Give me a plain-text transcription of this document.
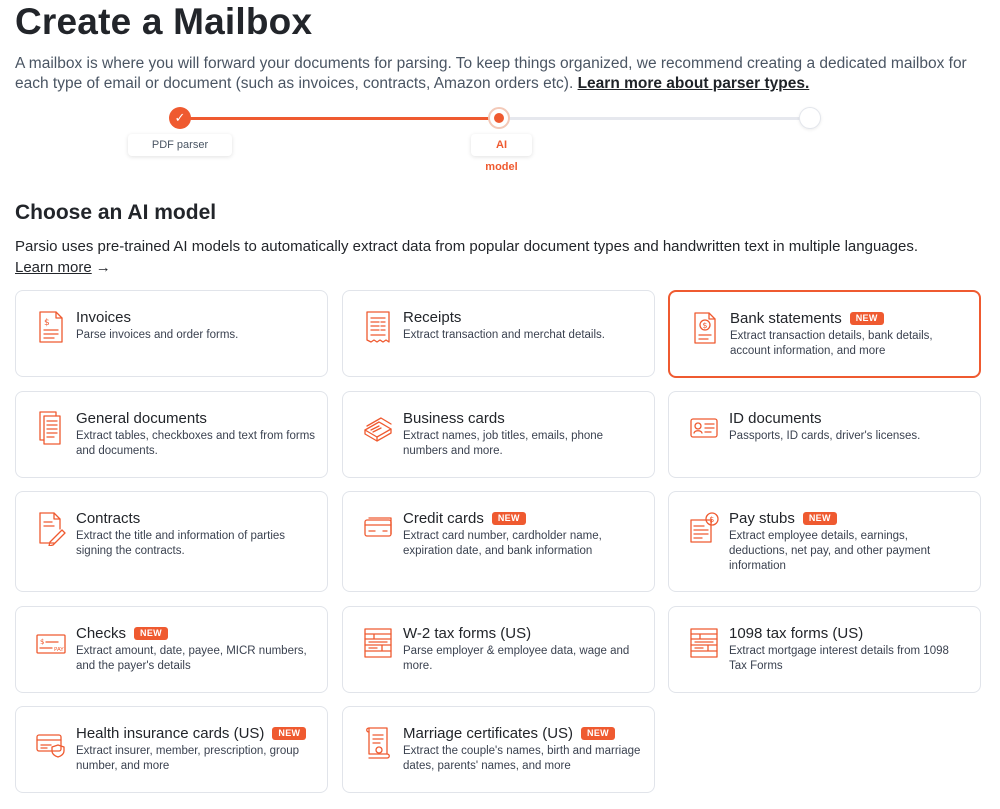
Create a Mailbox

A mailbox is where you will forward your documents for parsing. To keep things organized, we recommend creating a dedicated mailbox for each type of email or document (such as invoices, contracts, Amazon orders etc). Learn more about parser types.

✓
PDF parser	AI model
Choose an AI model

Parsio uses pre-trained AI models to automatically extract data from popular document types and handwritten text in multiple languages.
Learn more →

$ Invoices
Parse invoices and order forms.
Receipts
Extract transaction and merchat details.
$ Bank statements NEW
Extract transaction details, bank details, account information, and more
General documents
Extract tables, checkboxes and text from forms and documents.
Business cards
Extract names, job titles, emails, phone numbers and more.
ID documents
Passports, ID cards, driver's licenses.
Contracts
Extract the title and information of parties signing the contracts.
Credit cards NEW
Extract card number, cardholder name, expiration date, and bank information
$ Pay stubs NEW
Extract employee details, earnings, deductions, net pay, and other payment information
$
PAY
Checks NEW
Extract amount, date, payee, MICR numbers, and the payer's details
W-2 tax forms (US)
Parse employer & employee data, wage and more.
1098 tax forms (US)
Extract mortgage interest details from 1098 Tax Forms
Health insurance cards (US) NEW
Extract insurer, member, prescription, group number, and more
Marriage certificates (US) NEW
Extract the couple's names, birth and marriage dates, parents' names, and more
